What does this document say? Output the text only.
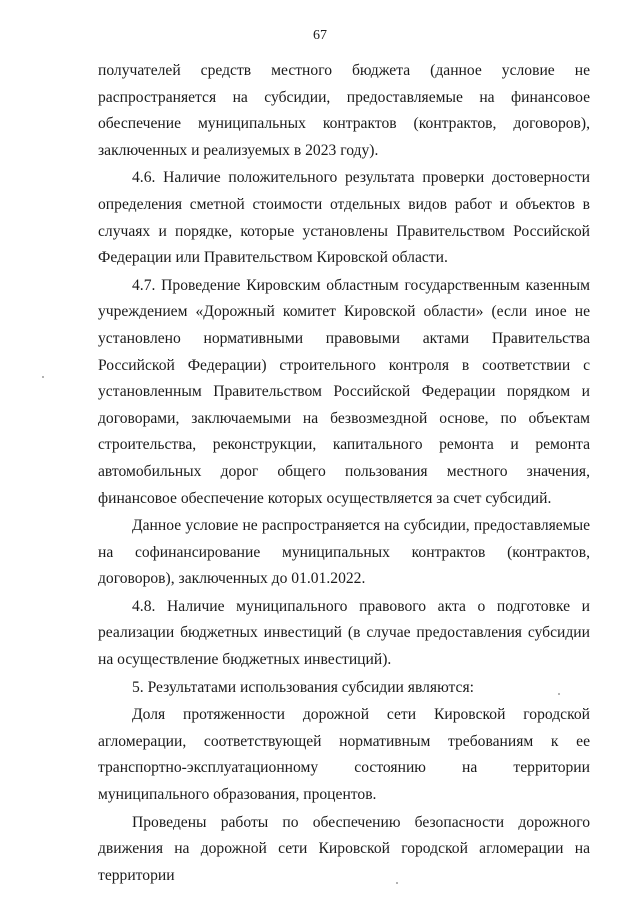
67

получателей средств местного бюджета (данное условие не распространяется на субсидии, предоставляемые на финансовое обеспечение муниципальных контрактов (контрактов, договоров), заключенных и реализуемых в 2023 году).

4.6. Наличие положительного результата проверки достоверности определения сметной стоимости отдельных видов работ и объектов в случаях и порядке, которые установлены Правительством Российской Федерации или Правительством Кировской области.

4.7. Проведение Кировским областным государственным казенным учреждением «Дорожный комитет Кировской области» (если иное не установлено нормативными правовыми актами Правительства Российской Федерации) строительного контроля в соответствии с установленным Правительством Российской Федерации порядком и договорами, заключаемыми на безвозмездной основе, по объектам строительства, реконструкции, капитального ремонта и ремонта автомобильных дорог общего пользования местного значения, финансовое обеспечение которых осуществляется за счет субсидий.

Данное условие не распространяется на субсидии, предоставляемые на софинансирование муниципальных контрактов (контрактов, договоров), заключенных до 01.01.2022.

4.8. Наличие муниципального правового акта о подготовке и реализации бюджетных инвестиций (в случае предоставления субсидии на осуществление бюджетных инвестиций).

5. Результатами использования субсидии являются:

Доля протяженности дорожной сети Кировской городской агломерации, соответствующей нормативным требованиям к ее транспортно-эксплуатационному состоянию на территории муниципального образования, процентов.

Проведены работы по обеспечению безопасности дорожного движения на дорожной сети Кировской городской агломерации на территории
